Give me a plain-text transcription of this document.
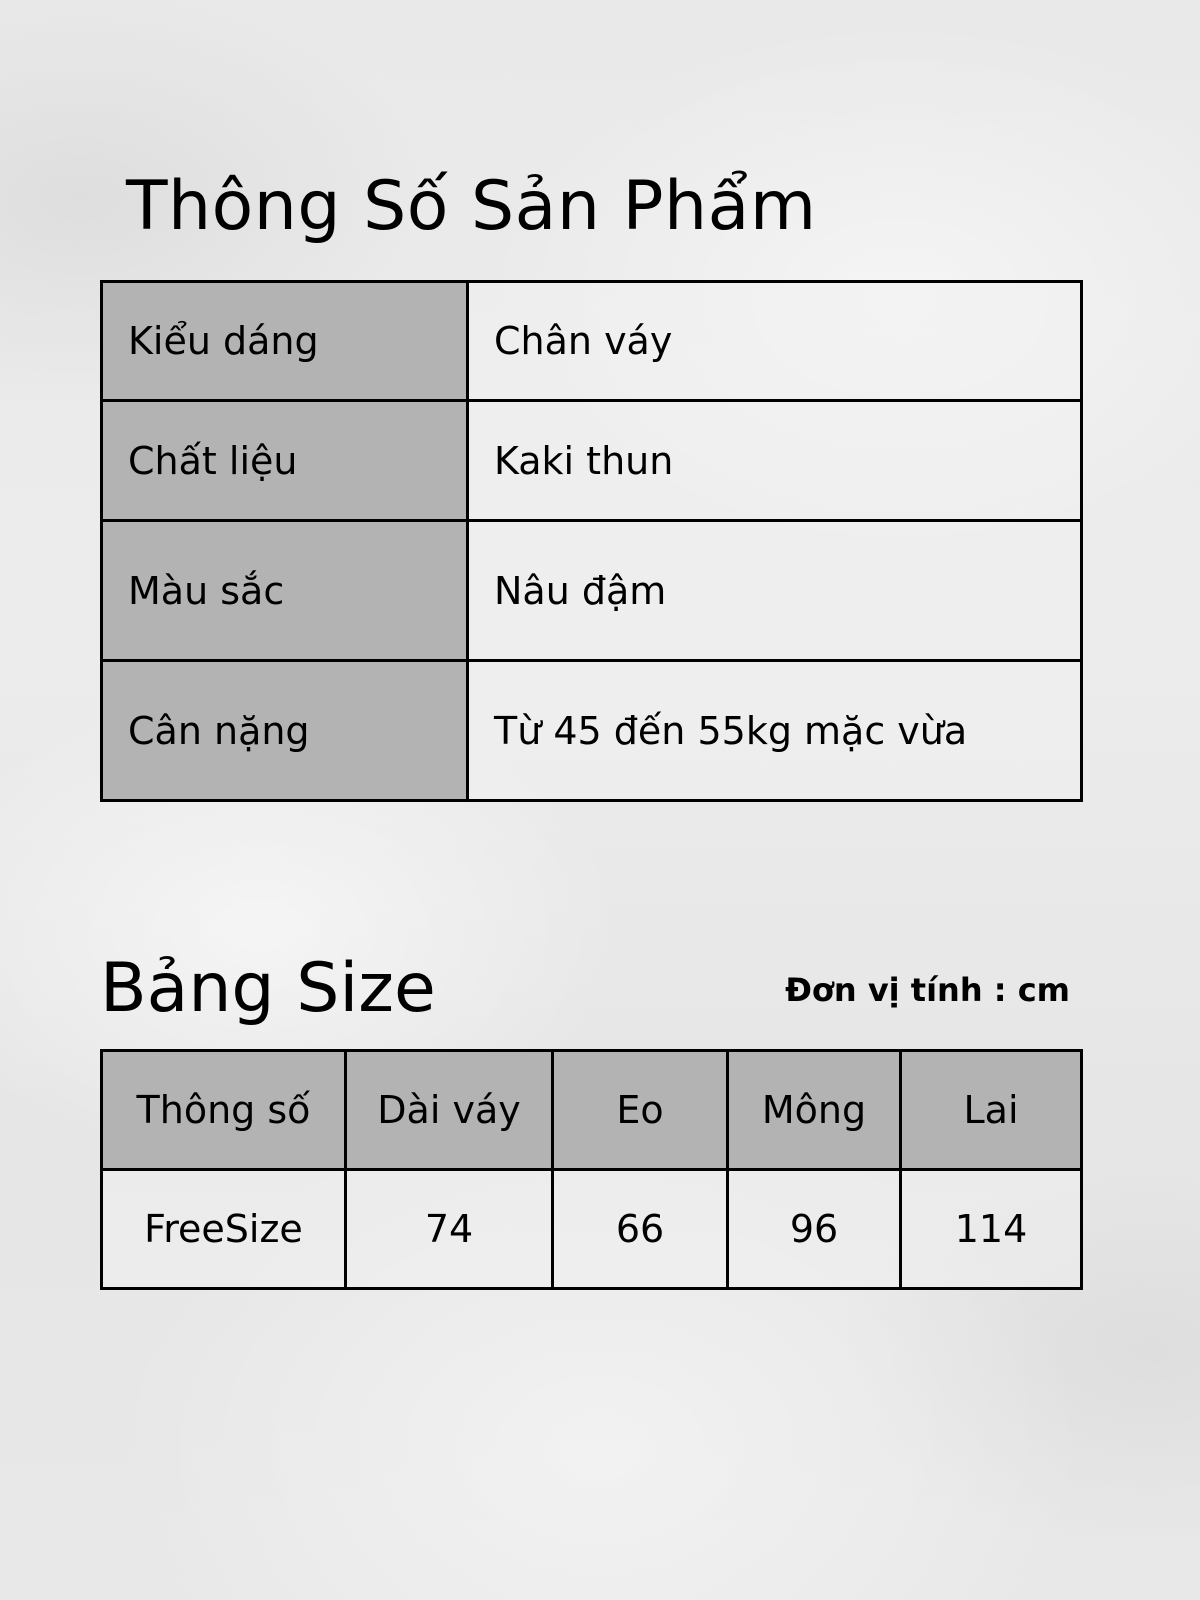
Thông Số Sản Phẩm
Kiểu dáng	Chân váy
Chất liệu	Kaki thun
Màu sắc	Nâu đậm
Cân nặng	Từ 45 đến 55kg mặc vừa
Bảng Size	Đơn vị tính : cm
Thông số	Dài váy	Eo	Mông	Lai
FreeSize	74	66	96	114
